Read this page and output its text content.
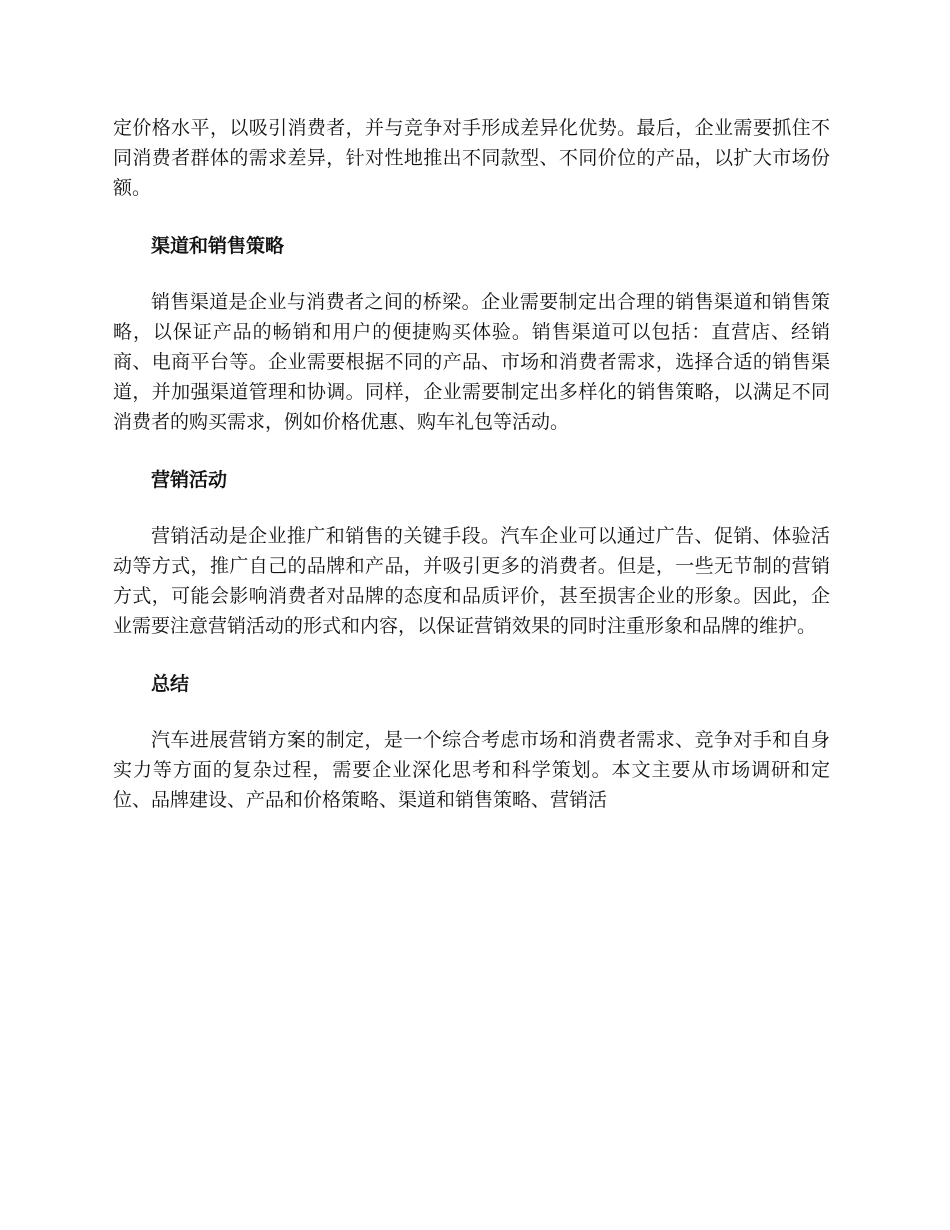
定价格水平，以吸引消费者，并与竞争对手形成差异化优势。最后，企业需要抓住不同消费者群体的需求差异，针对性地推出不同款型、不同价位的产品，以扩大市场份额。

渠道和销售策略

销售渠道是企业与消费者之间的桥梁。企业需要制定出合理的销售渠道和销售策略，以保证产品的畅销和用户的便捷购买体验。销售渠道可以包括：直营店、经销商、电商平台等。企业需要根据不同的产品、市场和消费者需求，选择合适的销售渠道，并加强渠道管理和协调。同样，企业需要制定出多样化的销售策略，以满足不同消费者的购买需求，例如价格优惠、购车礼包等活动。

营销活动

营销活动是企业推广和销售的关键手段。汽车企业可以通过广告、促销、体验活动等方式，推广自己的品牌和产品，并吸引更多的消费者。但是，一些无节制的营销方式，可能会影响消费者对品牌的态度和品质评价，甚至损害企业的形象。因此，企业需要注意营销活动的形式和内容，以保证营销效果的同时注重形象和品牌的维护。

总结

汽车进展营销方案的制定，是一个综合考虑市场和消费者需求、竞争对手和自身实力等方面的复杂过程，需要企业深化思考和科学策划。本文主要从市场调研和定位、品牌建设、产品和价格策略、渠道和销售策略、营销活
